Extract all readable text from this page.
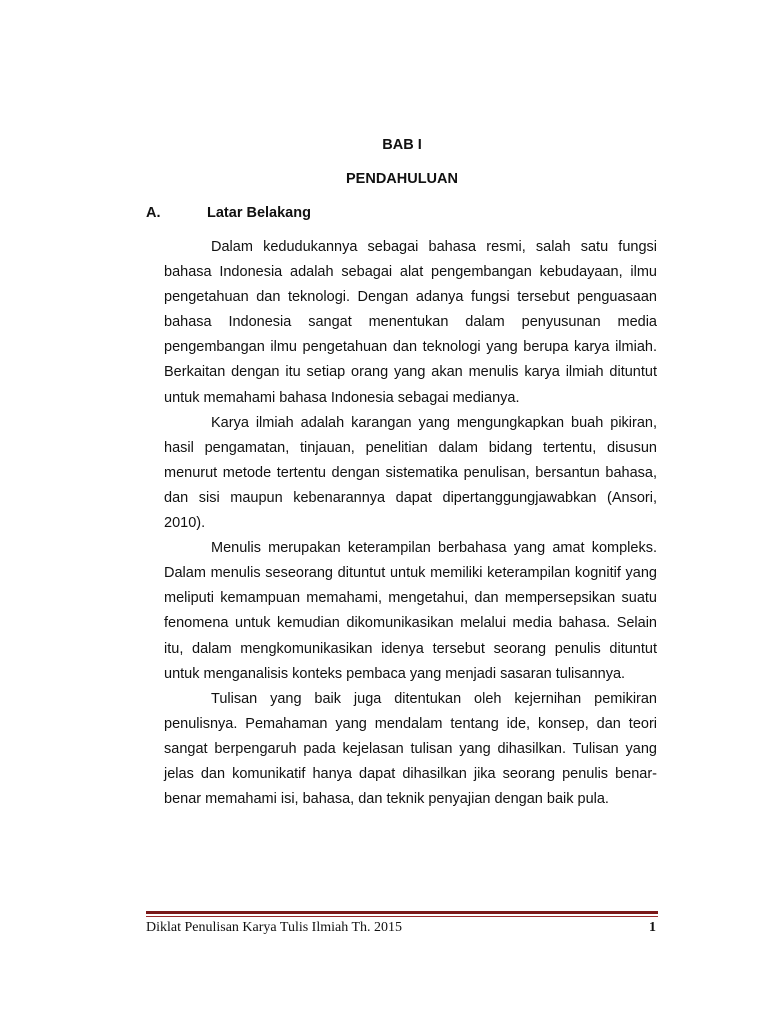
BAB I
PENDAHULUAN
A.	Latar Belakang

Dalam kedudukannya sebagai bahasa resmi, salah satu fungsi bahasa Indonesia adalah sebagai alat pengembangan kebudayaan, ilmu pengetahuan dan teknologi. Dengan adanya fungsi tersebut penguasaan bahasa Indonesia sangat menentukan dalam penyusunan media pengembangan ilmu pengetahuan dan teknologi yang berupa karya ilmiah. Berkaitan dengan itu setiap orang yang akan menulis karya ilmiah dituntut untuk memahami bahasa Indonesia sebagai medianya.

Karya ilmiah adalah karangan yang mengungkapkan buah pikiran, hasil pengamatan, tinjauan, penelitian dalam bidang tertentu, disusun menurut metode tertentu dengan sistematika penulisan, bersantun bahasa, dan sisi maupun kebenarannya dapat dipertanggungjawabkan (Ansori, 2010).

Menulis merupakan keterampilan berbahasa yang amat kompleks. Dalam menulis seseorang dituntut untuk memiliki keterampilan kognitif yang meliputi kemampuan memahami, mengetahui, dan mempersepsikan suatu fenomena untuk kemudian dikomunikasikan melalui media bahasa. Selain itu, dalam mengkomunikasikan idenya tersebut seorang penulis dituntut untuk menganalisis konteks pembaca yang menjadi sasaran tulisannya.

Tulisan yang baik juga ditentukan oleh kejernihan pemikiran penulisnya. Pemahaman yang mendalam tentang ide, konsep, dan teori sangat berpengaruh pada kejelasan tulisan yang dihasilkan. Tulisan yang jelas dan komunikatif hanya dapat dihasilkan jika seorang penulis benar-benar memahami isi, bahasa, dan teknik penyajian dengan baik pula.

Diklat Penulisan Karya Tulis Ilmiah Th. 2015	1
